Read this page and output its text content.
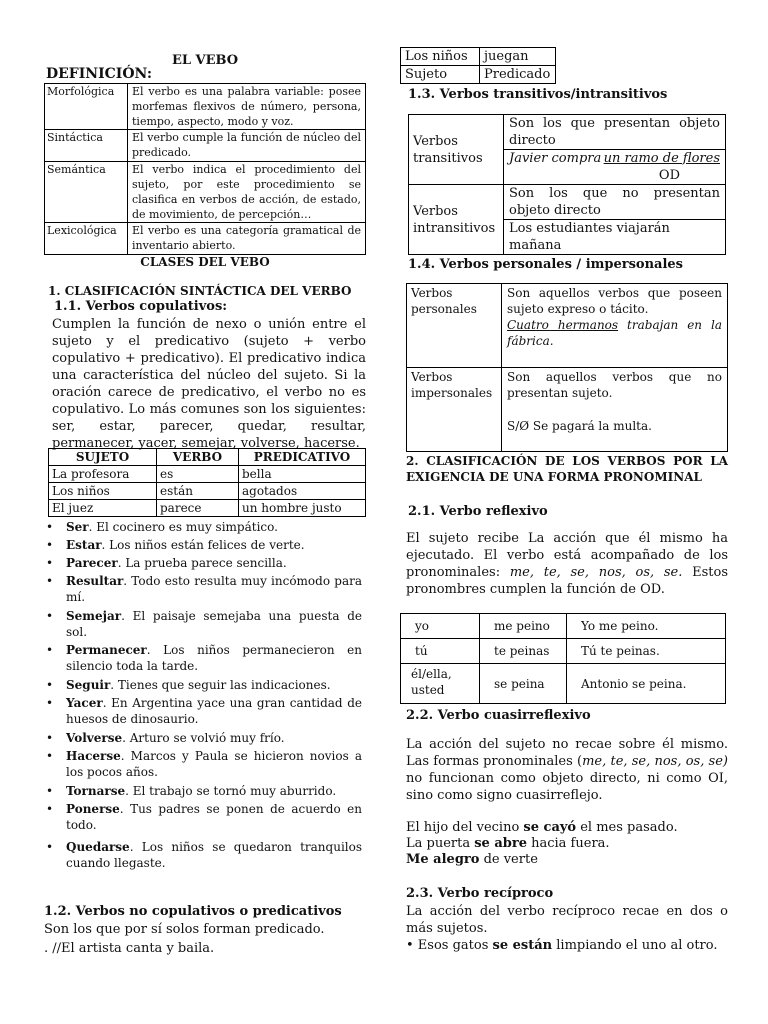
EL VEBO
DEFINICIÓN:
Morfológica	El verbo es una palabra variable: posee morfemas flexivos de número, persona, tiempo, aspecto, modo y voz.
Sintáctica	El verbo cumple la función de núcleo del predicado.
Semántica	El verbo indica el procedimiento del sujeto, por este procedimiento se clasifica en verbos de acción, de estado, de movimiento, de percepción…
Lexicológica	El verbo es una categoría gramatical de inventario abierto.
CLASES DEL VEBO
1. CLASIFICACIÓN SINTÁCTICA DEL VERBO
1.1. Verbos copulativos:
Cumplen la función de nexo o unión entre el sujeto y el predicativo (sujeto + verbo copulativo + predicativo). El predicativo indica una característica del núcleo del sujeto. Si la oración carece de predicativo, el verbo no es copulativo. Lo más comunes son los siguientes: ser, estar, parecer, quedar, resultar, permanecer, yacer, semejar, volverse, hacerse.
SUJETO	VERBO	PREDICATIVO
La profesora	es	bella
Los niños	están	agotados
El juez	parece	un hombre justo
• Ser. El cocinero es muy simpático.
• Estar. Los niños están felices de verte.
• Parecer. La prueba parece sencilla.
• Resultar. Todo esto resulta muy incómodo para mí.
• Semejar. El paisaje semejaba una puesta de sol.
• Permanecer. Los niños permanecieron en silencio toda la tarde.
• Seguir. Tienes que seguir las indicaciones.
• Yacer. En Argentina yace una gran cantidad de huesos de dinosaurio.
• Volverse. Arturo se volvió muy frío.
• Hacerse. Marcos y Paula se hicieron novios a los pocos años.
• Tornarse. El trabajo se tornó muy aburrido.
• Ponerse. Tus padres se ponen de acuerdo en todo.
• Quedarse. Los niños se quedaron tranquilos cuando llegaste.
1.2. Verbos no copulativos o predicativos
Son los que por sí solos forman predicado.
. //El artista canta y baila.
Los niños	juegan
Sujeto	Predicado
1.3. Verbos transitivos/intransitivos
Verbos transitivos	Son los que presentan objeto directo

	Javier compra un ramo de flores
OD

Verbos intransitivos	Son los que no presentan objeto directo
	Los estudiantes viajarán mañana
1.4. Verbos personales / impersonales
Verbos personales	Son aquellos verbos que poseen sujeto expreso o tácito.
Cuatro hermanos trabajan en la fábrica.

Verbos impersonales	Son aquellos verbos que no presentan sujeto.
S/Ø Se pagará la multa.
2. CLASIFICACIÓN DE LOS VERBOS POR LA EXIGENCIA DE UNA FORMA PRONOMINAL
2.1. Verbo reflexivo
El sujeto recibe La acción que él mismo ha ejecutado. El verbo está acompañado de los pronominales: me, te, se, nos, os, se. Estos pronombres cumplen la función de OD.
yo	me peino	Yo me peino.
tú	te peinas	Tú te peinas.
él/ella, usted	se peina	Antonio se peina.
2.2. Verbo cuasirreflexivo
La acción del sujeto no recae sobre él mismo. Las formas pronominales (me, te, se, nos, os, se) no funcionan como objeto directo, ni como OI, sino como signo cuasirreflejo.
El hijo del vecino se cayó el mes pasado.
La puerta se abre hacia fuera.
Me alegro de verte
2.3. Verbo recíproco
La acción del verbo recíproco recae en dos o más sujetos.
• Esos gatos se están limpiando el uno al otro.
